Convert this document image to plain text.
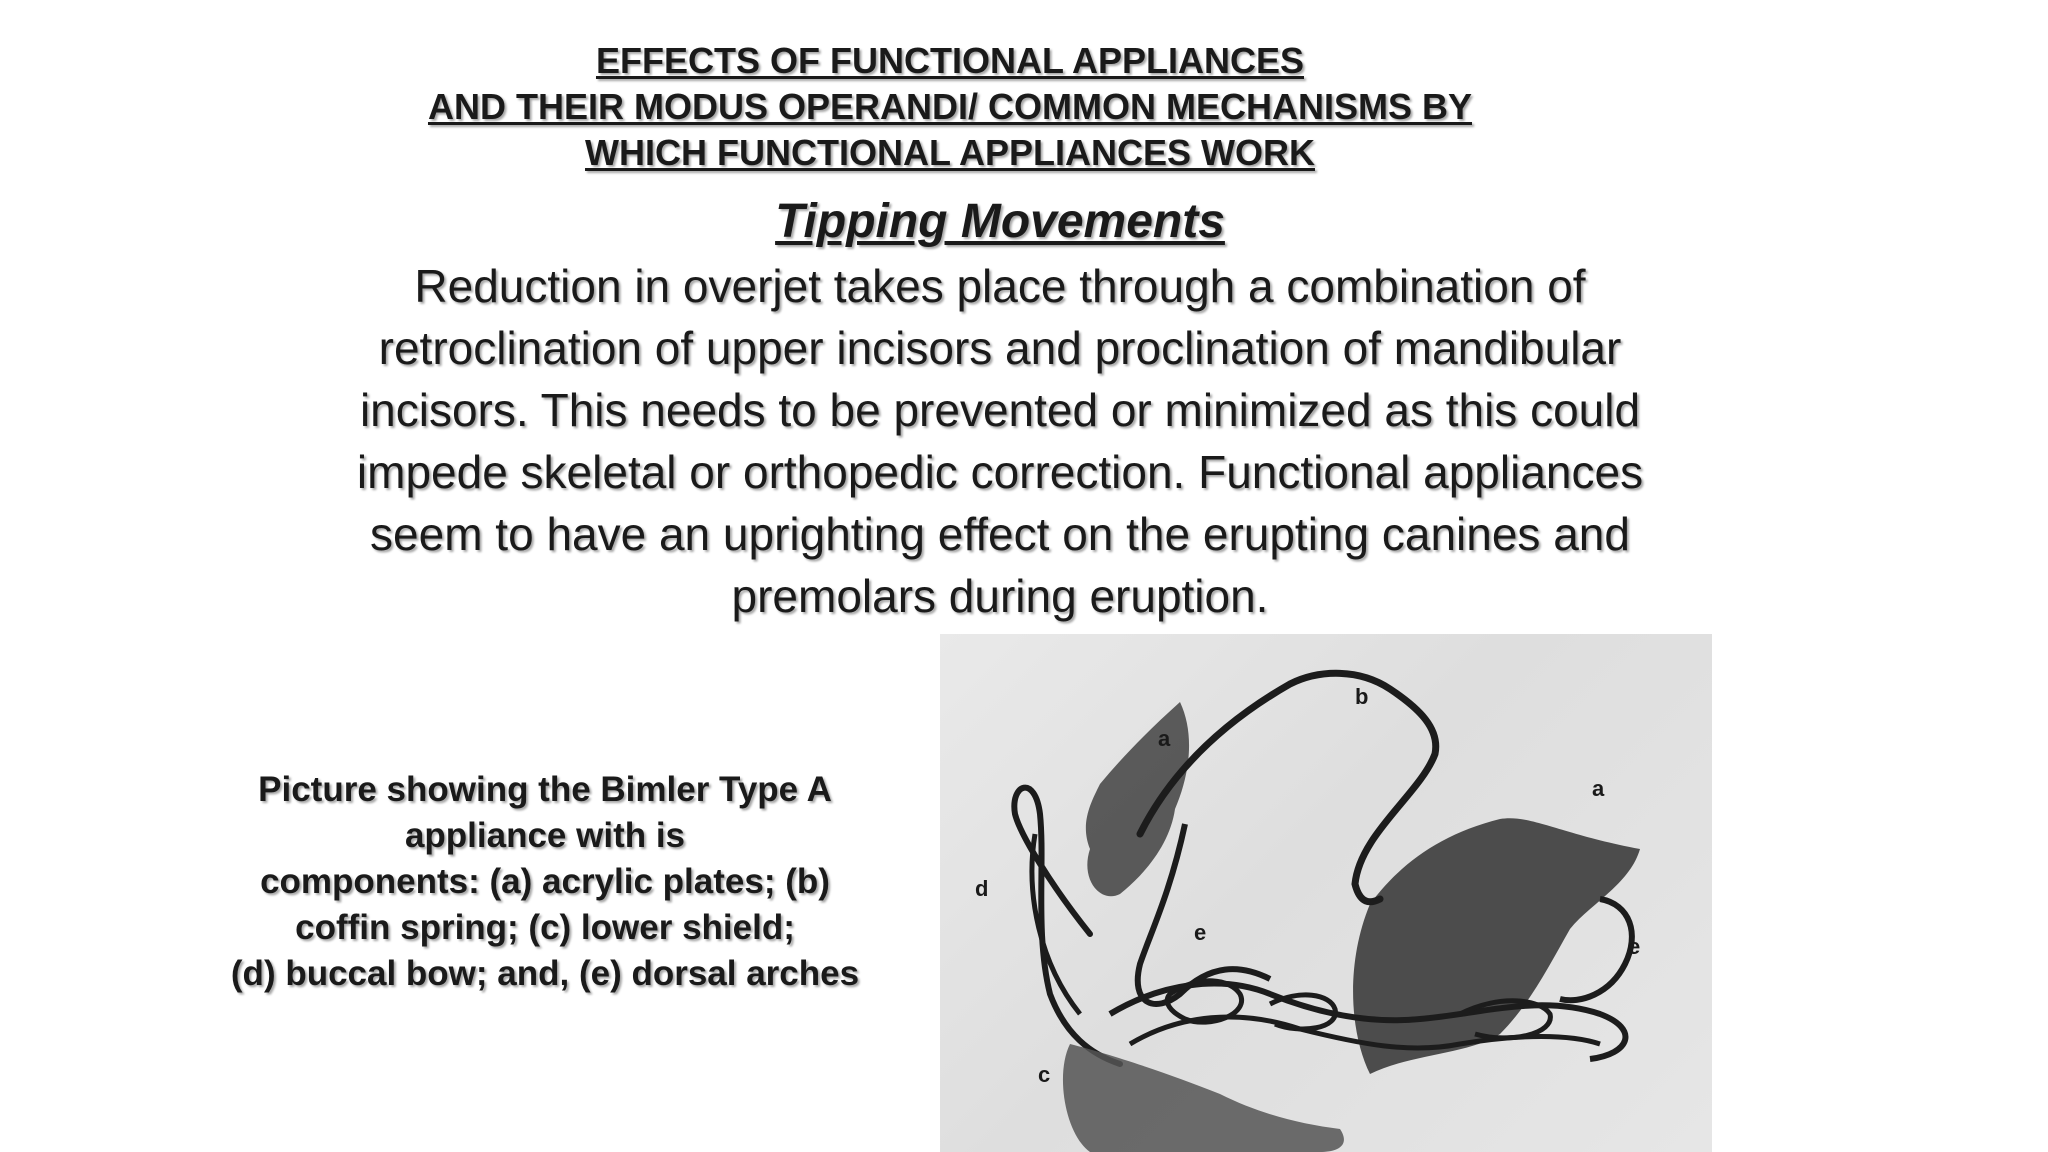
EFFECTS OF FUNCTIONAL APPLIANCES
AND THEIR MODUS OPERANDI/ COMMON MECHANISMS BY
WHICH FUNCTIONAL APPLIANCES WORK
Tipping Movements
Reduction in overjet takes place through a combination of
retroclination of upper incisors and proclination of mandibular
incisors. This needs to be prevented or minimized as this could
impede skeletal or orthopedic correction. Functional appliances
seem to have an uprighting effect on the erupting canines and
premolars during eruption.
Picture showing the Bimler Type A
appliance with is
components: (a) acrylic plates; (b)
coffin spring; (c) lower shield;
(d) buccal bow; and, (e) dorsal arches
a
b
a
d
e
e
c
